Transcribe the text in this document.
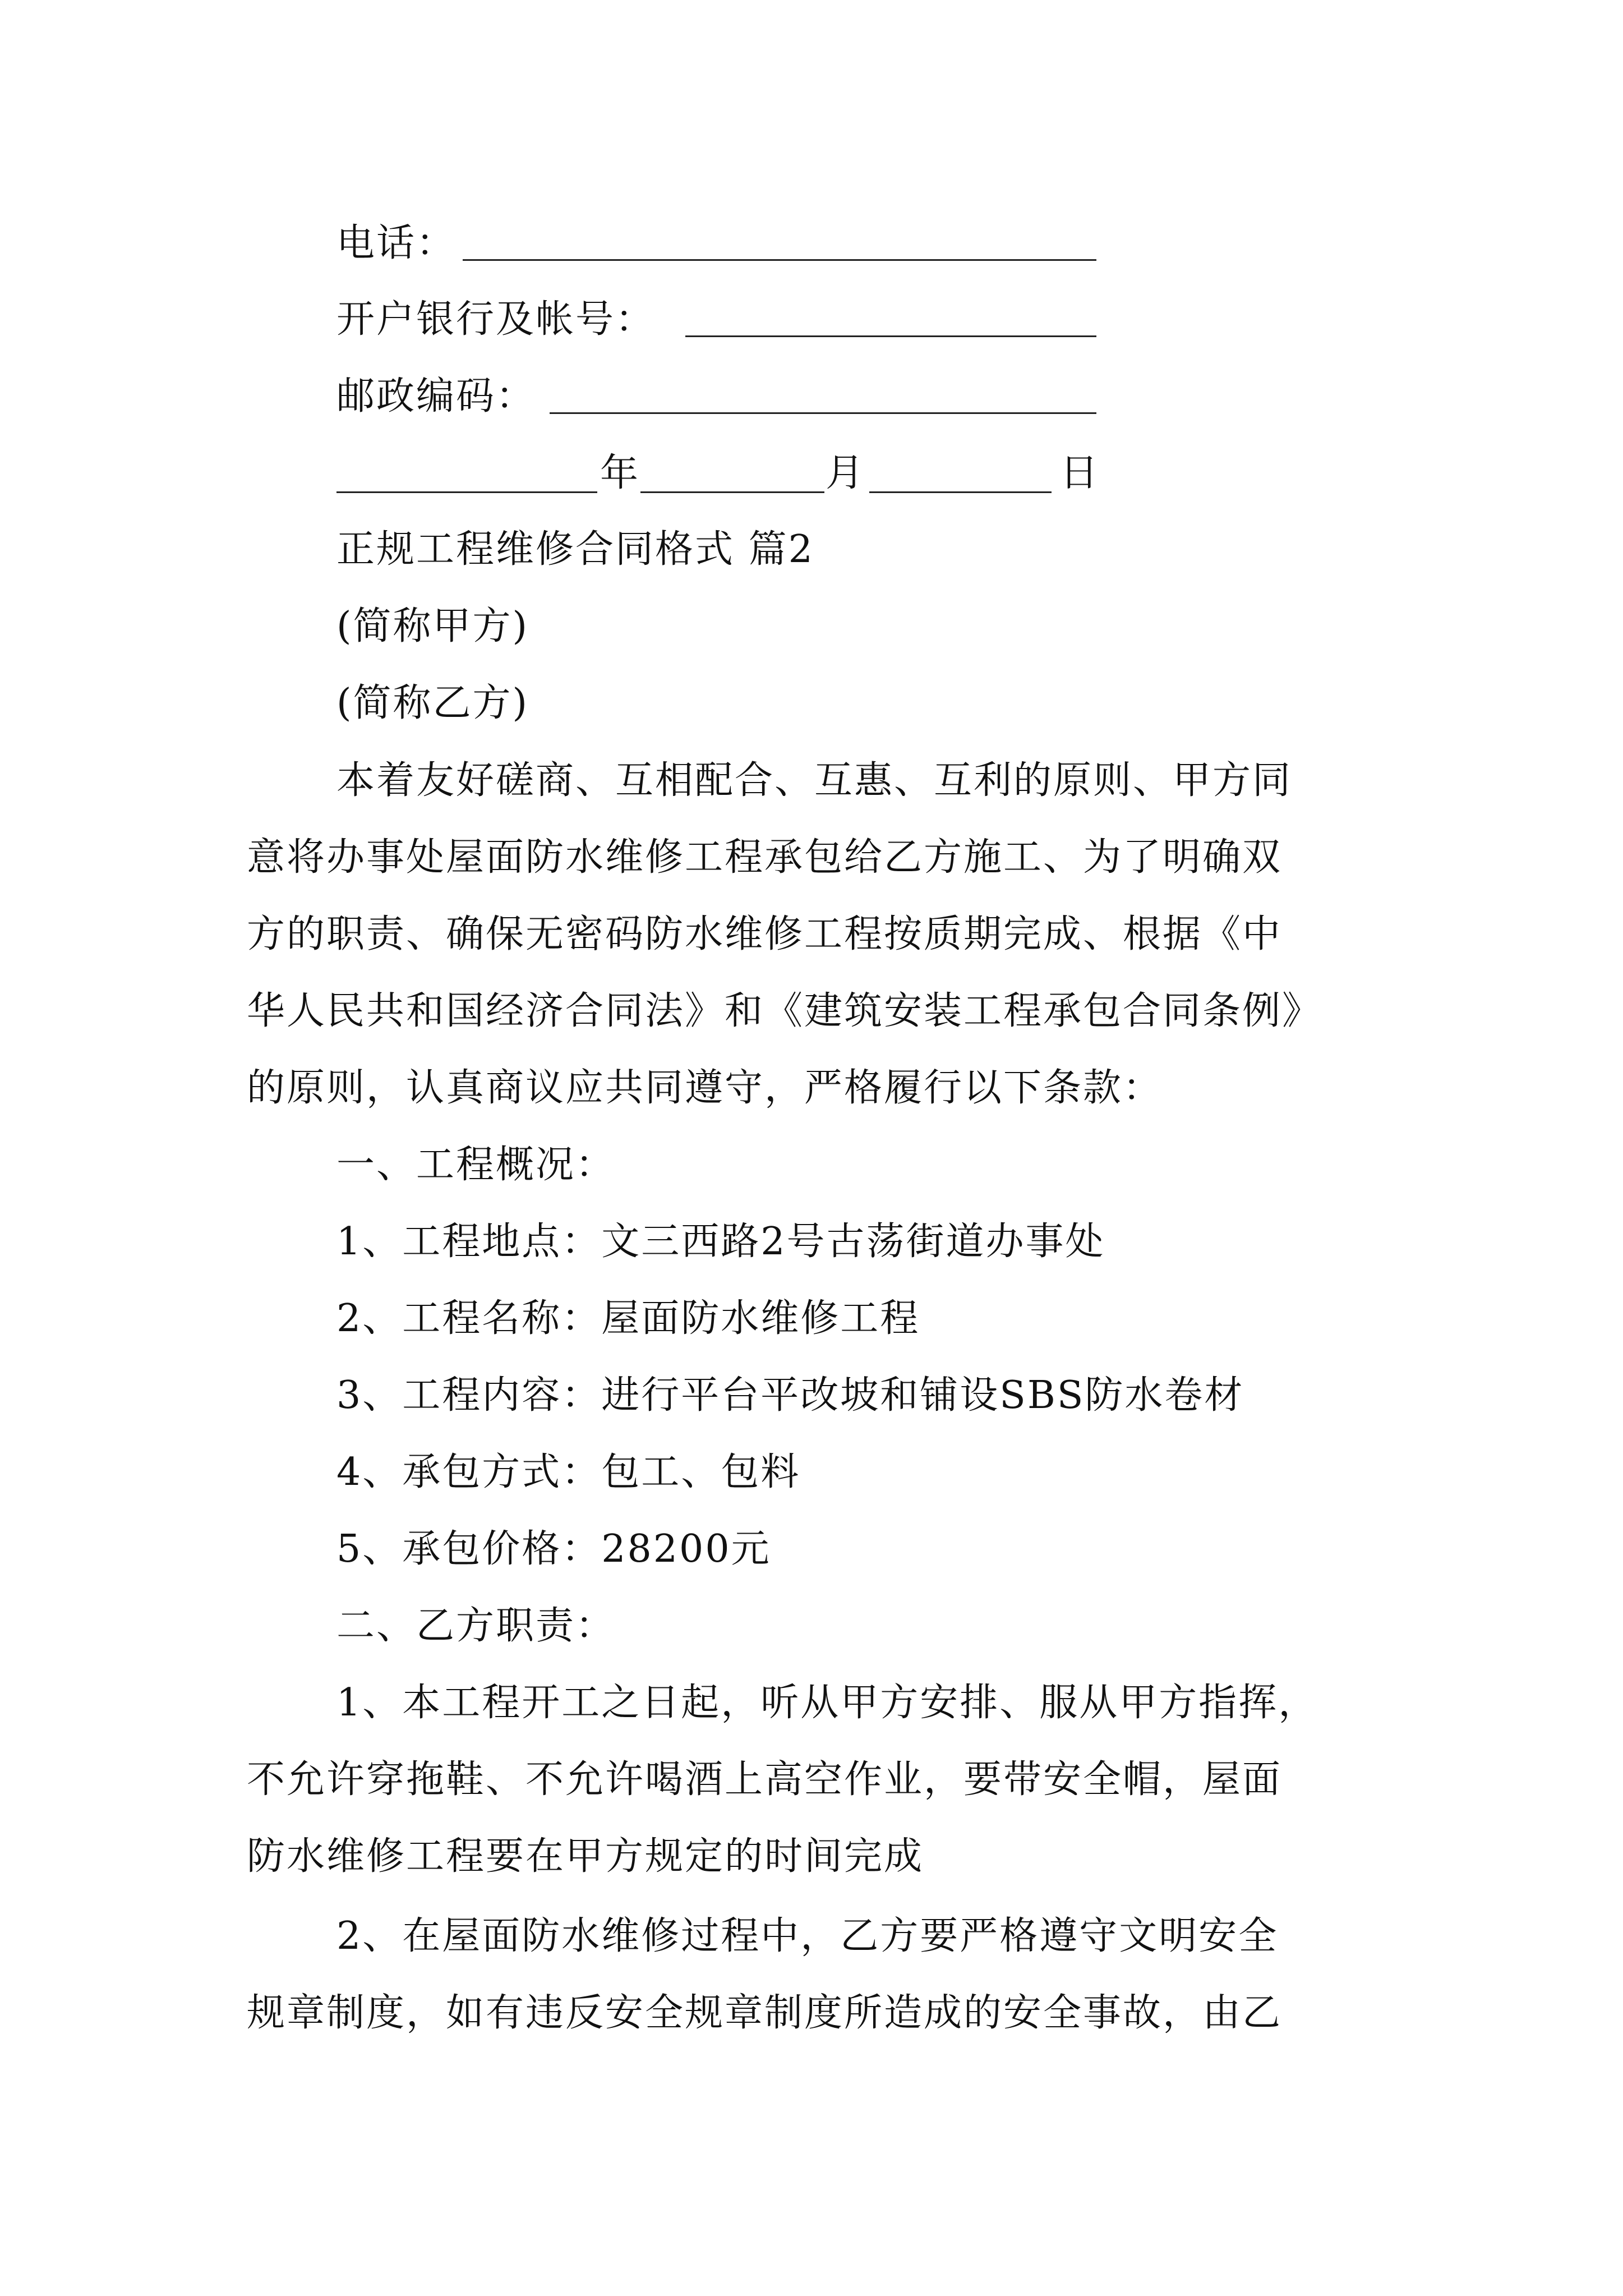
电话：
开户银行及帐号：
邮政编码：
年	月	日
正规工程维修合同格式 篇2
(简称甲方)
(简称乙方)
本着友好磋商、互相配合、互惠、互利的原则、甲方同
意将办事处屋面防水维修工程承包给乙方施工、为了明确双
方的职责、确保无密码防水维修工程按质期完成、根据《中
华人民共和国经济合同法》和《建筑安装工程承包合同条例》
的原则，认真商议应共同遵守，严格履行以下条款：
一、工程概况：
1、工程地点：文三西路2号古荡街道办事处
2、工程名称：屋面防水维修工程
3、工程内容：进行平台平改坡和铺设SBS防水卷材
4、承包方式：包工、包料
5、承包价格：28200元
二、乙方职责：
1、本工程开工之日起，听从甲方安排、服从甲方指挥，
不允许穿拖鞋、不允许喝酒上高空作业，要带安全帽，屋面
防水维修工程要在甲方规定的时间完成
2、在屋面防水维修过程中，乙方要严格遵守文明安全
规章制度，如有违反安全规章制度所造成的安全事故，由乙
